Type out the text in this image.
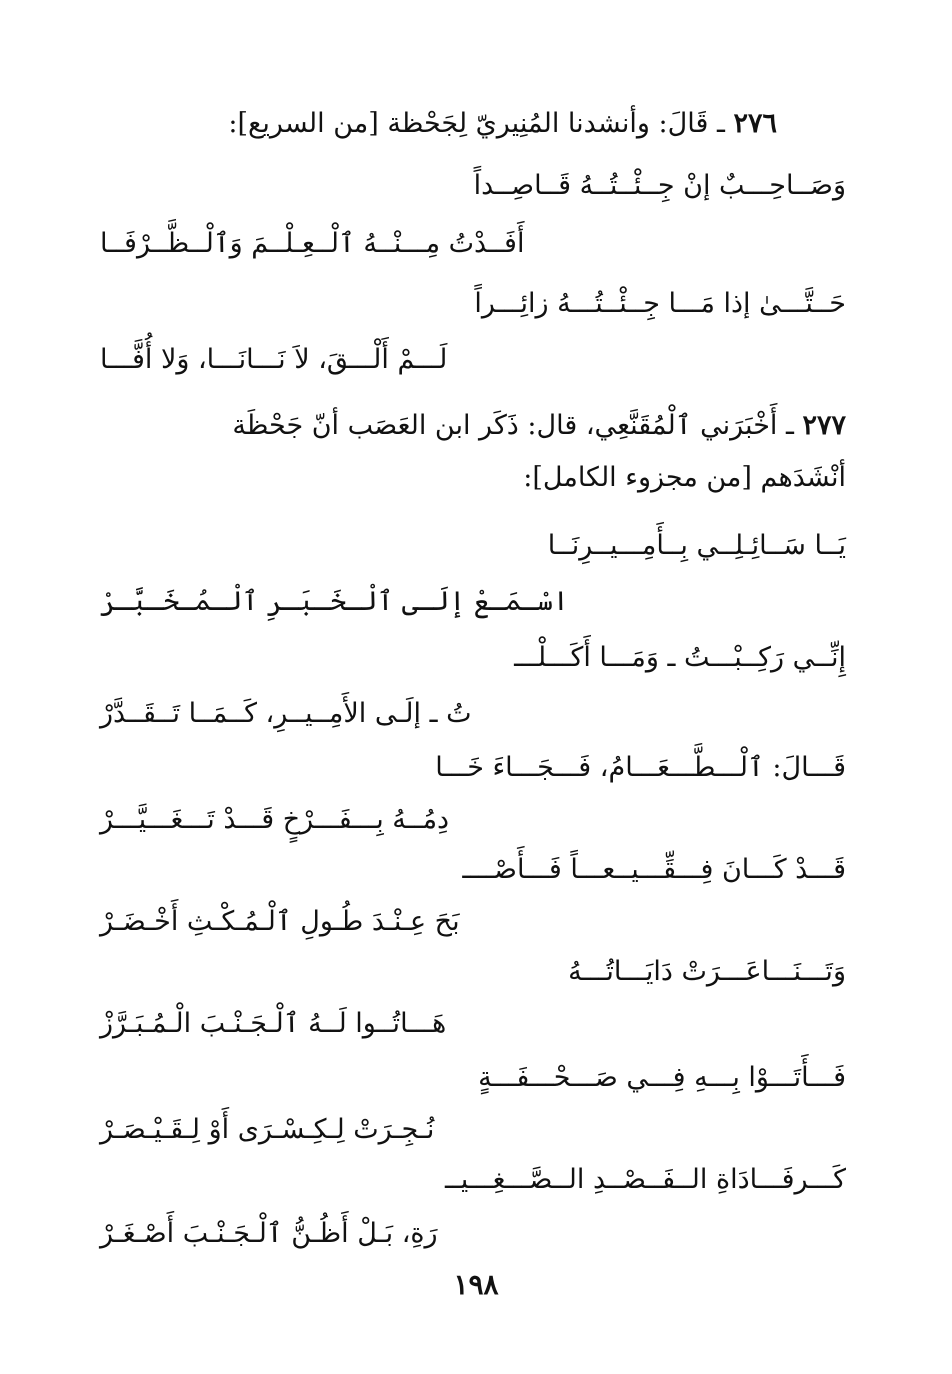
٢٧٦ ـ قَالَ: وأنشدنا المُنِيريّ لِجَحْظة [من السريع]:
وَصَــاحِـــبٌ إنْ جِــئْــتُــهُ قَــاصِــداً
أَفَــدْتُ مِـــنْــهُ ٱلْــعِـلْــمَ وَٱلْــظَّــرْفَــا
حَــتَّـــىٰ إذا مَـــا جِــئْــتُـــهُ زائِـــراً
لَـــمْ أَلْـــقَ، لاَ نَـــانَـــا، وَلا أُفَّـــا
٢٧٧ ـ أَخْبَرَني ٱلْمُقَنَّعِي، قال: ذَكَر ابن العَصَب أنّ جَحْظَة
أنْشَدَهم [من مجزوء الكامل]:
يَــا سَــائِـلِــي بِــأَمِـــيــرِنَــا
اسْـمَـعْ إلَـى ٱلْـخَـبَـرِ ٱلْـمُـخَـبَّـرْ
إِنِّــي رَكِــبْـــتُ ـ وَمَـــا أَكَـــلْـــ
تُ ـ إلَـى الأَمِــيــرِ، كَــمَــا تَــقَــدَّرْ
قَـــالَ: ٱلْـــطَّـــعَـــامُ، فَـــجَـــاءَ خَـــا
دِمُــهُ بِـــفَـــرْخٍ قَـــدْ تَـــغَـــيَّـــرْ
قَـــدْ كَـــانَ فِـــقِّـــيــعـــاً فَـــأَصْــــ
بَحَ عِـنْـدَ طُـولِ ٱلْـمُـكْـثِ أَخْـضَـرْ
وَتَـــنَـــاعَـــرَتْ دَايَـــاتُـــهُ
هَـــاتُــوا لَــهُ ٱلْـجَـنْـبَ الْـمُـبَـرَّزْ
فَـــأَتَـــوْا بِـــهِ فِـــي صَـــحْـــفَـــةٍ
نُـجِـرَتْ لِـكِـسْـرَى أَوْ لِـقَـيْـصَـرْ
كَـــرفَـــادَاةِ الــفَــصْــدِ الــصَّـــغِـــيــ
رَةِ، بَـلْ أَظُـنُّ ٱلْـجَـنْـبَ أَصْـغَـرْ
١٩٨
